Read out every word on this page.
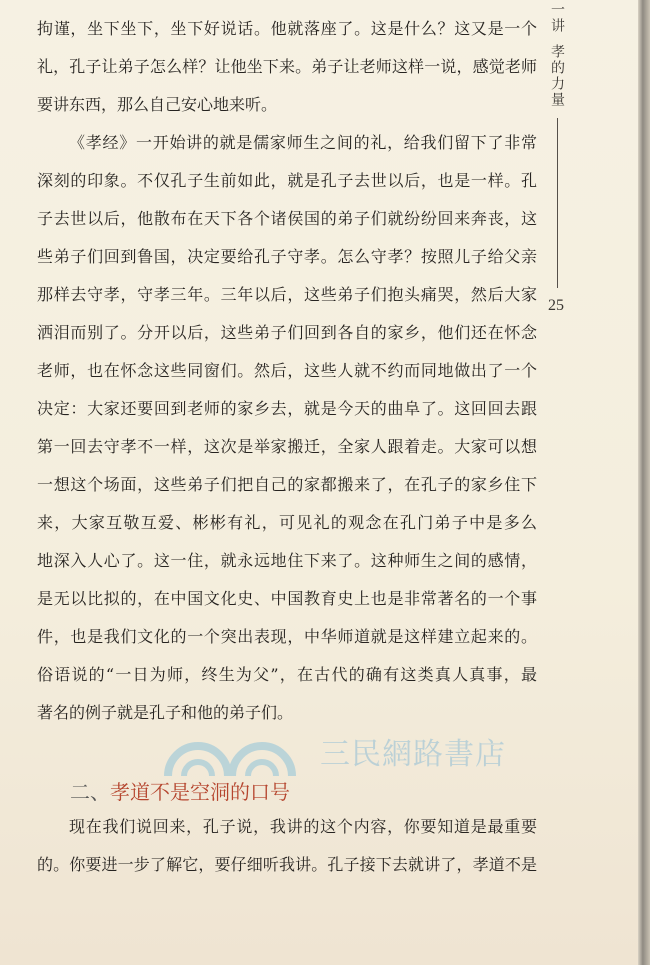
一讲
孝的力量
25
拘谨，坐下坐下，坐下好说话。他就落座了。这是什么？这又是一个
礼，孔子让弟子怎么样？让他坐下来。弟子让老师这样一说，感觉老师
要讲东西，那么自己安心地来听。
《孝经》一开始讲的就是儒家师生之间的礼，给我们留下了非常
深刻的印象。不仅孔子生前如此，就是孔子去世以后，也是一样。孔
子去世以后，他散布在天下各个诸侯国的弟子们就纷纷回来奔丧，这
些弟子们回到鲁国，决定要给孔子守孝。怎么守孝？按照儿子给父亲
那样去守孝，守孝三年。三年以后，这些弟子们抱头痛哭，然后大家
洒泪而别了。分开以后，这些弟子们回到各自的家乡，他们还在怀念
老师，也在怀念这些同窗们。然后，这些人就不约而同地做出了一个
决定：大家还要回到老师的家乡去，就是今天的曲阜了。这回回去跟
第一回去守孝不一样，这次是举家搬迁，全家人跟着走。大家可以想
一想这个场面，这些弟子们把自己的家都搬来了，在孔子的家乡住下
来，大家互敬互爱、彬彬有礼，可见礼的观念在孔门弟子中是多么
地深入人心了。这一住，就永远地住下来了。这种师生之间的感情，
是无以比拟的，在中国文化史、中国教育史上也是非常著名的一个事
件，也是我们文化的一个突出表现，中华师道就是这样建立起来的。
俗语说的“一日为师，终生为父”，在古代的确有这类真人真事，最
著名的例子就是孔子和他的弟子们。
三民網路書店
二、孝道不是空洞的口号
现在我们说回来，孔子说，我讲的这个内容，你要知道是最重要
的。你要进一步了解它，要仔细听我讲。孔子接下去就讲了，孝道不是
